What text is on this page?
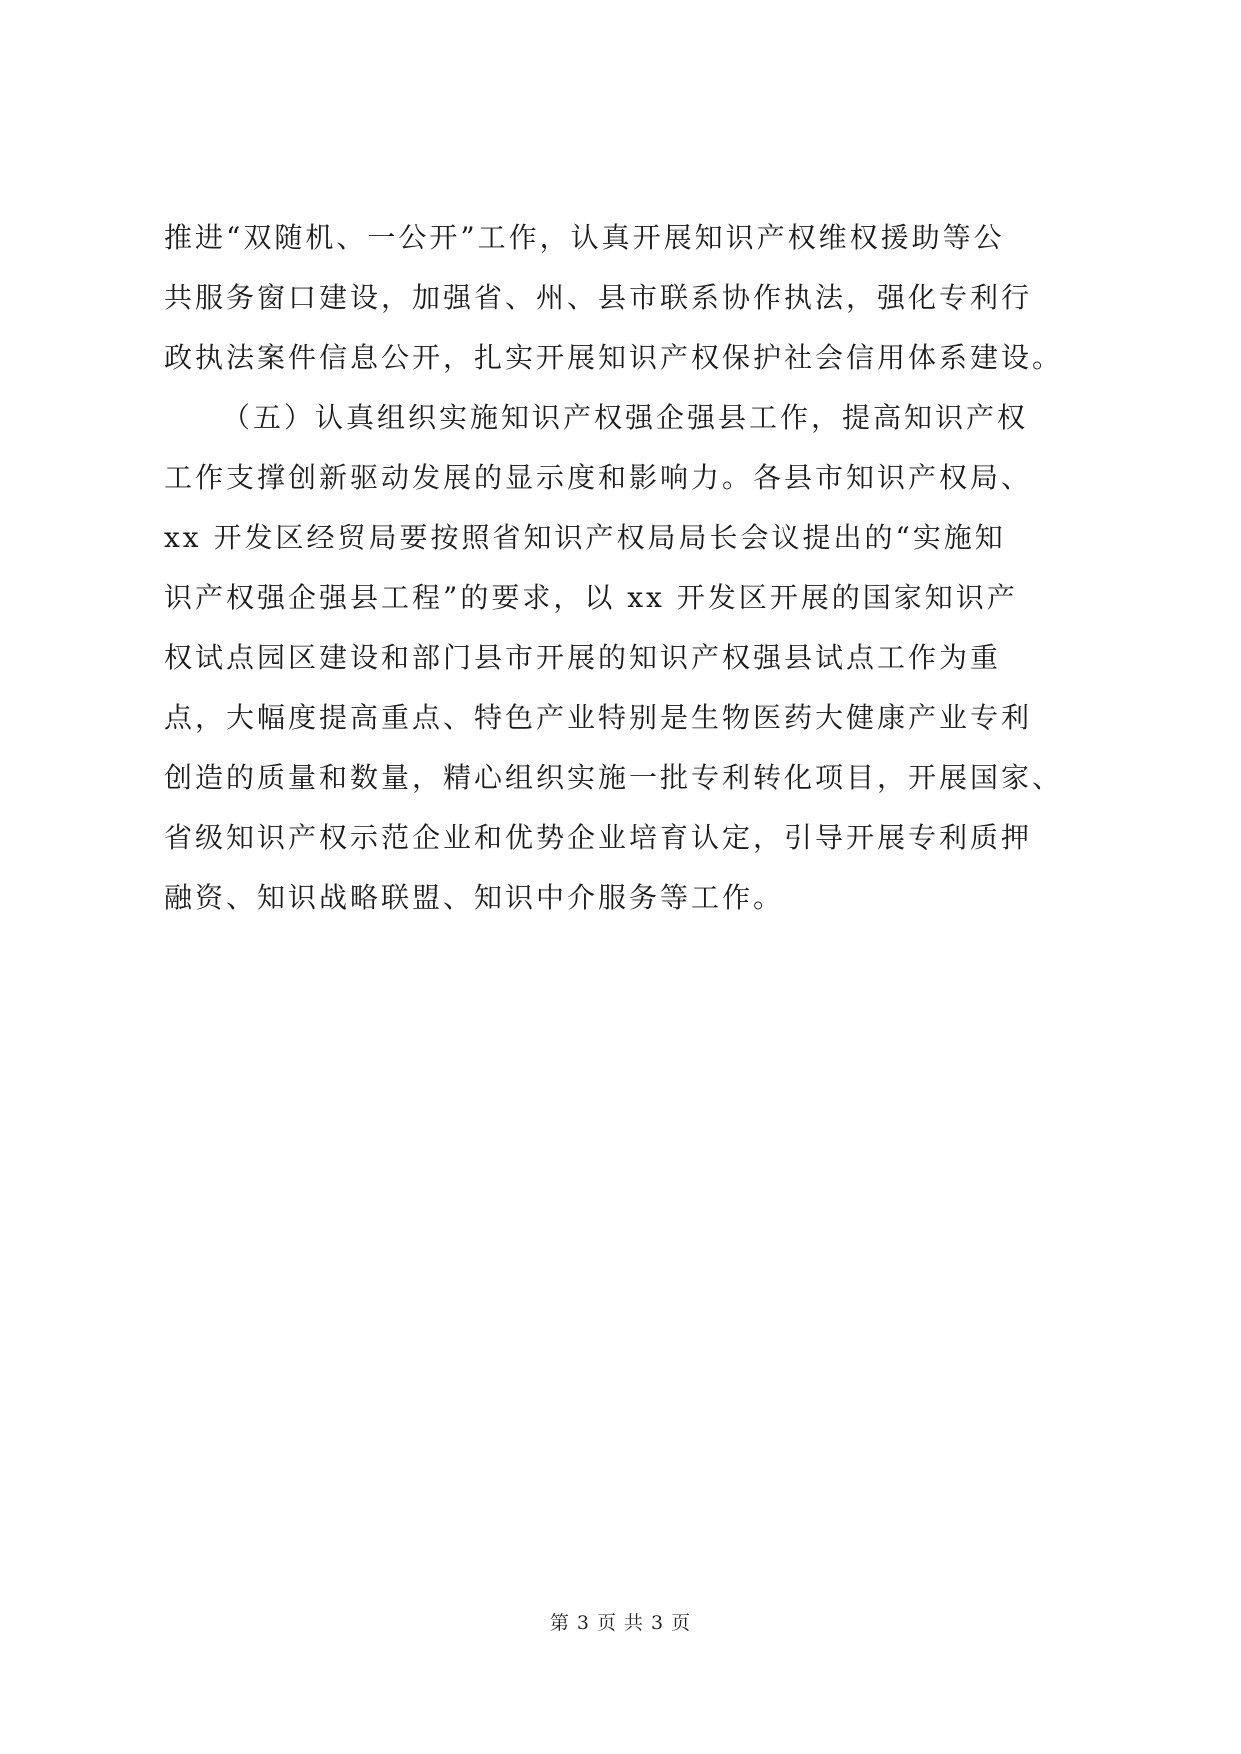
推进“双随机、一公开”工作，认真开展知识产权维权援助等公
共服务窗口建设，加强省、州、县市联系协作执法，强化专利行
政执法案件信息公开，扎实开展知识产权保护社会信用体系建设。
（五）认真组织实施知识产权强企强县工作，提高知识产权
工作支撑创新驱动发展的显示度和影响力。各县市知识产权局、
xx 开发区经贸局要按照省知识产权局局长会议提出的“实施知
识产权强企强县工程”的要求，以 xx 开发区开展的国家知识产
权试点园区建设和部门县市开展的知识产权强县试点工作为重
点，大幅度提高重点、特色产业特别是生物医药大健康产业专利
创造的质量和数量，精心组织实施一批专利转化项目，开展国家、
省级知识产权示范企业和优势企业培育认定，引导开展专利质押
融资、知识战略联盟、知识中介服务等工作。
第 3 页 共 3 页
